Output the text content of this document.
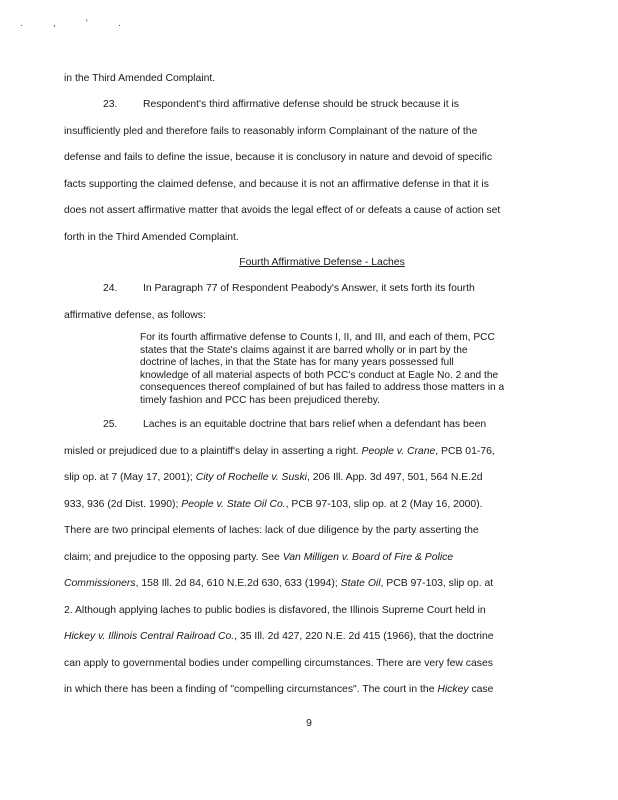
. , ' .
in the Third Amended Complaint.
23. Respondent's third affirmative defense should be struck because it is
insufficiently pled and therefore fails to reasonably inform Complainant of the nature of the
defense and fails to define the issue, because it is conclusory in nature and devoid of specific
facts supporting the claimed defense, and because it is not an affirmative defense in that it is
does not assert affirmative matter that avoids the legal effect of or defeats a cause of action set
forth in the Third Amended Complaint.
Fourth Affirmative Defense - Laches
24. In Paragraph 77 of Respondent Peabody's Answer, it sets forth its fourth
affirmative defense, as follows:

For its fourth affirmative defense to Counts I, II, and III, and each of them, PCC

states that the State's claims against it are barred wholly or in part by the

doctrine of laches, in that the State has for many years possessed full

knowledge of all material aspects of both PCC's conduct at Eagle No. 2 and the

consequences thereof complained of but has failed to address those matters in a

timely fashion and PCC has been prejudiced thereby.

25. Laches is an equitable doctrine that bars relief when a defendant has been
misled or prejudiced due to a plaintiff's delay in asserting a right. People v. Crane, PCB 01-76,
slip op. at 7 (May 17, 2001); City of Rochelle v. Suski, 206 Ill. App. 3d 497, 501, 564 N.E.2d
933, 936 (2d Dist. 1990); People v. State Oil Co., PCB 97-103, slip op. at 2 (May 16, 2000).
There are two principal elements of laches: lack of due diligence by the party asserting the
claim; and prejudice to the opposing party. See Van Milligen v. Board of Fire & Police
Commissioners, 158 Ill. 2d 84, 610 N.E.2d 630, 633 (1994); State Oil, PCB 97-103, slip op. at
2. Although applying laches to public bodies is disfavored, the Illinois Supreme Court held in
Hickey v. Illinois Central Railroad Co., 35 Ill. 2d 427, 220 N.E. 2d 415 (1966), that the doctrine
can apply to governmental bodies under compelling circumstances. There are very few cases
in which there has been a finding of "compelling circumstances". The court in the Hickey case
9
